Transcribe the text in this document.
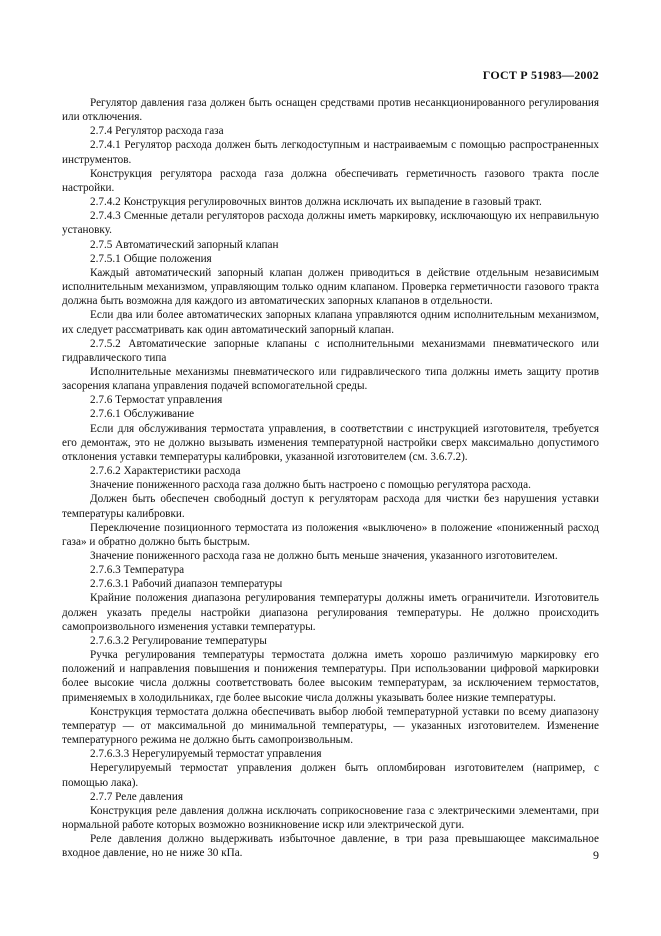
ГОСТ Р 51983—2002

Регулятор давления газа должен быть оснащен средствами против несанкционированного регулирования или отключения.

2.7.4 Регулятор расхода газа

2.7.4.1 Регулятор расхода должен быть легкодоступным и настраиваемым с помощью распространенных инструментов.

Конструкция регулятора расхода газа должна обеспечивать герметичность газового тракта после настройки.

2.7.4.2 Конструкция регулировочных винтов должна исключать их выпадение в газовый тракт.

2.7.4.3 Сменные детали регуляторов расхода должны иметь маркировку, исключающую их неправильную установку.

2.7.5 Автоматический запорный клапан

2.7.5.1 Общие положения

Каждый автоматический запорный клапан должен приводиться в действие отдельным независимым исполнительным механизмом, управляющим только одним клапаном. Проверка герметичности газового тракта должна быть возможна для каждого из автоматических запорных клапанов в отдельности.

Если два или более автоматических запорных клапана управляются одним исполнительным механизмом, их следует рассматривать как один автоматический запорный клапан.

2.7.5.2 Автоматические запорные клапаны с исполнительными механизмами пневматического или гидравлического типа

Исполнительные механизмы пневматического или гидравлического типа должны иметь защиту против засорения клапана управления подачей вспомогательной среды.

2.7.6 Термостат управления

2.7.6.1 Обслуживание

Если для обслуживания термостата управления, в соответствии с инструкцией изготовителя, требуется его демонтаж, это не должно вызывать изменения температурной настройки сверх максимально допустимого отклонения уставки температуры калибровки, указанной изготовителем (см. 3.6.7.2).

2.7.6.2 Характеристики расхода

Значение пониженного расхода газа должно быть настроено с помощью регулятора расхода.

Должен быть обеспечен свободный доступ к регуляторам расхода для чистки без нарушения уставки температуры калибровки.

Переключение позиционного термостата из положения «выключено» в положение «пониженный расход газа» и обратно должно быть быстрым.

Значение пониженного расхода газа не должно быть меньше значения, указанного изготовителем.

2.7.6.3 Температура

2.7.6.3.1 Рабочий диапазон температуры

Крайние положения диапазона регулирования температуры должны иметь ограничители. Изготовитель должен указать пределы настройки диапазона регулирования температуры. Не должно происходить самопроизвольного изменения уставки температуры.

2.7.6.3.2 Регулирование температуры

Ручка регулирования температуры термостата должна иметь хорошо различимую маркировку его положений и направления повышения и понижения температуры. При использовании цифровой маркировки более высокие числа должны соответствовать более высоким температурам, за исключением термостатов, применяемых в холодильниках, где более высокие числа должны указывать более низкие температуры.

Конструкция термостата должна обеспечивать выбор любой температурной уставки по всему диапазону температур — от максимальной до минимальной температуры, — указанных изготовителем. Изменение температурного режима не должно быть самопроизвольным.

2.7.6.3.3 Нерегулируемый термостат управления

Нерегулируемый термостат управления должен быть опломбирован изготовителем (например, с помощью лака).

2.7.7 Реле давления

Конструкция реле давления должна исключать соприкосновение газа с электрическими элементами, при нормальной работе которых возможно возникновение искр или электрической дуги.

Реле давления должно выдерживать избыточное давление, в три раза превышающее максимальное входное давление, но не ниже 30 кПа.	9
